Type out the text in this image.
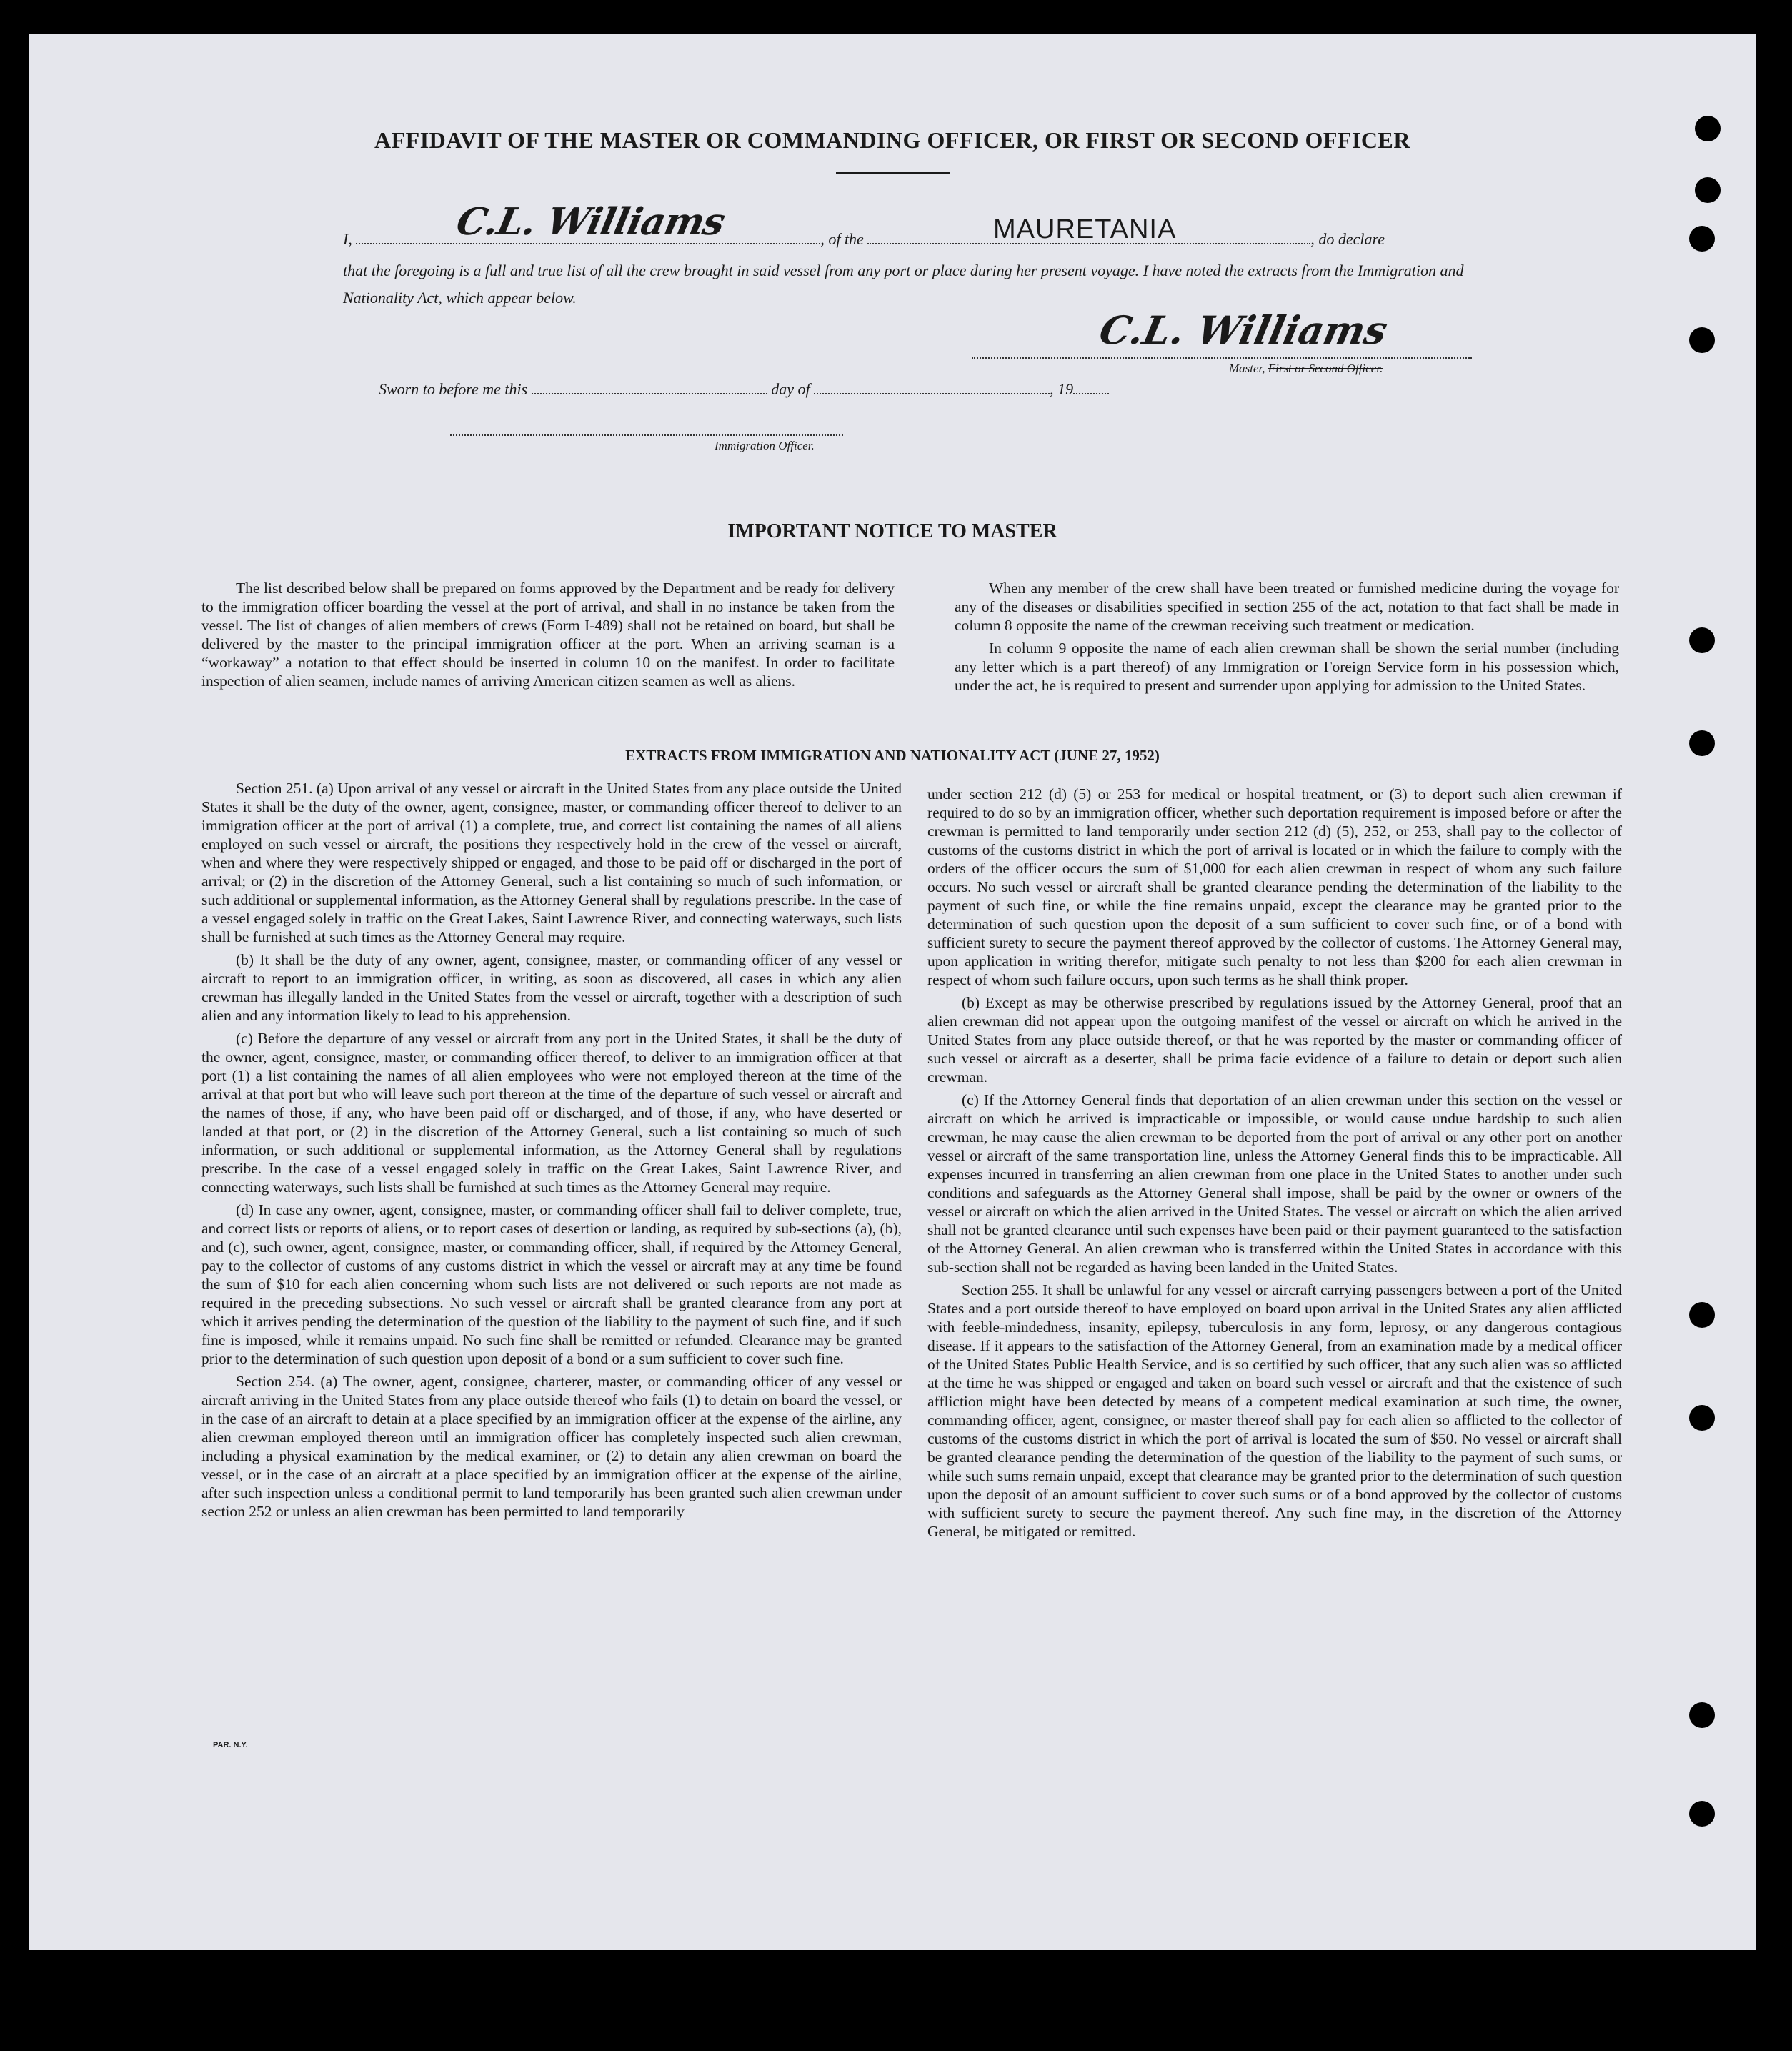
AFFIDAVIT OF THE MASTER OR COMMANDING OFFICER, OR FIRST OR SECOND OFFICER
I,	, of the	, do declare
C.L. Williams	MAURETANIA
that the foregoing is a full and true list of all the crew brought in said vessel from any port or place during her present voyage. I have noted the extracts from the Immigration and Nationality Act, which appear below.
C.L. Williams
Master, First or Second Officer.
Sworn to before me this	day of	, 19
Immigration Officer.
IMPORTANT NOTICE TO MASTER

The list described below shall be prepared on forms approved by the Department and be ready for delivery to the immigration officer boarding the vessel at the port of arrival, and shall in no instance be taken from the vessel. The list of changes of alien members of crews (Form I-489) shall not be retained on board, but shall be delivered by the master to the principal immigration officer at the port. When an arriving seaman is a “workaway” a notation to that effect should be inserted in column 10 on the manifest. In order to facilitate inspection of alien seamen, include names of arriving American citizen seamen as well as aliens.

When any member of the crew shall have been treated or furnished medicine during the voyage for any of the diseases or disabilities specified in section 255 of the act, notation to that fact shall be made in column 8 opposite the name of the crewman receiving such treatment or medication.

In column 9 opposite the name of each alien crewman shall be shown the serial number (including any letter which is a part thereof) of any Immigration or Foreign Service form in his possession which, under the act, he is required to present and surrender upon applying for admission to the United States.

EXTRACTS FROM IMMIGRATION AND NATIONALITY ACT (JUNE 27, 1952)

Section 251. (a) Upon arrival of any vessel or aircraft in the United States from any place outside the United States it shall be the duty of the owner, agent, consignee, master, or commanding officer thereof to deliver to an immigration officer at the port of arrival (1) a complete, true, and correct list containing the names of all aliens employed on such vessel or aircraft, the positions they respectively hold in the crew of the vessel or aircraft, when and where they were respectively shipped or engaged, and those to be paid off or discharged in the port of arrival; or (2) in the discretion of the Attorney General, such a list containing so much of such information, or such additional or supplemental information, as the Attorney General shall by regulations prescribe. In the case of a vessel engaged solely in traffic on the Great Lakes, Saint Lawrence River, and connecting waterways, such lists shall be furnished at such times as the Attorney General may require.

(b) It shall be the duty of any owner, agent, consignee, master, or commanding officer of any vessel or aircraft to report to an immigration officer, in writing, as soon as discovered, all cases in which any alien crewman has illegally landed in the United States from the vessel or aircraft, together with a description of such alien and any information likely to lead to his apprehension.

(c) Before the departure of any vessel or aircraft from any port in the United States, it shall be the duty of the owner, agent, consignee, master, or commanding officer thereof, to deliver to an immigration officer at that port (1) a list containing the names of all alien employees who were not employed thereon at the time of the arrival at that port but who will leave such port thereon at the time of the departure of such vessel or aircraft and the names of those, if any, who have been paid off or discharged, and of those, if any, who have deserted or landed at that port, or (2) in the discretion of the Attorney General, such a list containing so much of such information, or such additional or supplemental information, as the Attorney General shall by regulations prescribe. In the case of a vessel engaged solely in traffic on the Great Lakes, Saint Lawrence River, and connecting waterways, such lists shall be furnished at such times as the Attorney General may require.

(d) In case any owner, agent, consignee, master, or commanding officer shall fail to deliver complete, true, and correct lists or reports of aliens, or to report cases of desertion or landing, as required by sub-sections (a), (b), and (c), such owner, agent, consignee, master, or commanding officer, shall, if required by the Attorney General, pay to the collector of customs of any customs district in which the vessel or aircraft may at any time be found the sum of $10 for each alien concerning whom such lists are not delivered or such reports are not made as required in the preceding subsections. No such vessel or aircraft shall be granted clearance from any port at which it arrives pending the determination of the question of the liability to the payment of such fine, and if such fine is imposed, while it remains unpaid. No such fine shall be remitted or refunded. Clearance may be granted prior to the determination of such question upon deposit of a bond or a sum sufficient to cover such fine.

Section 254. (a) The owner, agent, consignee, charterer, master, or commanding officer of any vessel or aircraft arriving in the United States from any place outside thereof who fails (1) to detain on board the vessel, or in the case of an aircraft to detain at a place specified by an immigration officer at the expense of the airline, any alien crewman employed thereon until an immigration officer has completely inspected such alien crewman, including a physical examination by the medical examiner, or (2) to detain any alien crewman on board the vessel, or in the case of an aircraft at a place specified by an immigration officer at the expense of the airline, after such inspection unless a conditional permit to land temporarily has been granted such alien crewman under section 252 or unless an alien crewman has been permitted to land temporarily

under section 212 (d) (5) or 253 for medical or hospital treatment, or (3) to deport such alien crewman if required to do so by an immigration officer, whether such deportation requirement is imposed before or after the crewman is permitted to land temporarily under section 212 (d) (5), 252, or 253, shall pay to the collector of customs of the customs district in which the port of arrival is located or in which the failure to comply with the orders of the officer occurs the sum of $1,000 for each alien crewman in respect of whom any such failure occurs. No such vessel or aircraft shall be granted clearance pending the determination of the liability to the payment of such fine, or while the fine remains unpaid, except the clearance may be granted prior to the determination of such question upon the deposit of a sum sufficient to cover such fine, or of a bond with sufficient surety to secure the payment thereof approved by the collector of customs. The Attorney General may, upon application in writing therefor, mitigate such penalty to not less than $200 for each alien crewman in respect of whom such failure occurs, upon such terms as he shall think proper.

(b) Except as may be otherwise prescribed by regulations issued by the Attorney General, proof that an alien crewman did not appear upon the outgoing manifest of the vessel or aircraft on which he arrived in the United States from any place outside thereof, or that he was reported by the master or commanding officer of such vessel or aircraft as a deserter, shall be prima facie evidence of a failure to detain or deport such alien crewman.

(c) If the Attorney General finds that deportation of an alien crewman under this section on the vessel or aircraft on which he arrived is impracticable or impossible, or would cause undue hardship to such alien crewman, he may cause the alien crewman to be deported from the port of arrival or any other port on another vessel or aircraft of the same transportation line, unless the Attorney General finds this to be impracticable. All expenses incurred in transferring an alien crewman from one place in the United States to another under such conditions and safeguards as the Attorney General shall impose, shall be paid by the owner or owners of the vessel or aircraft on which the alien arrived in the United States. The vessel or aircraft on which the alien arrived shall not be granted clearance until such expenses have been paid or their payment guaranteed to the satisfaction of the Attorney General. An alien crewman who is transferred within the United States in accordance with this sub-section shall not be regarded as having been landed in the United States.

Section 255. It shall be unlawful for any vessel or aircraft carrying passengers between a port of the United States and a port outside thereof to have employed on board upon arrival in the United States any alien afflicted with feeble-mindedness, insanity, epilepsy, tuberculosis in any form, leprosy, or any dangerous contagious disease. If it appears to the satisfaction of the Attorney General, from an examination made by a medical officer of the United States Public Health Service, and is so certified by such officer, that any such alien was so afflicted at the time he was shipped or engaged and taken on board such vessel or aircraft and that the existence of such affliction might have been detected by means of a competent medical examination at such time, the owner, commanding officer, agent, consignee, or master thereof shall pay for each alien so afflicted to the collector of customs of the customs district in which the port of arrival is located the sum of $50. No vessel or aircraft shall be granted clearance pending the determination of the question of the liability to the payment of such sums, or while such sums remain unpaid, except that clearance may be granted prior to the determination of such question upon the deposit of an amount sufficient to cover such sums or of a bond approved by the collector of customs with sufficient surety to secure the payment thereof. Any such fine may, in the discretion of the Attorney General, be mitigated or remitted.

PAR. N.Y.
